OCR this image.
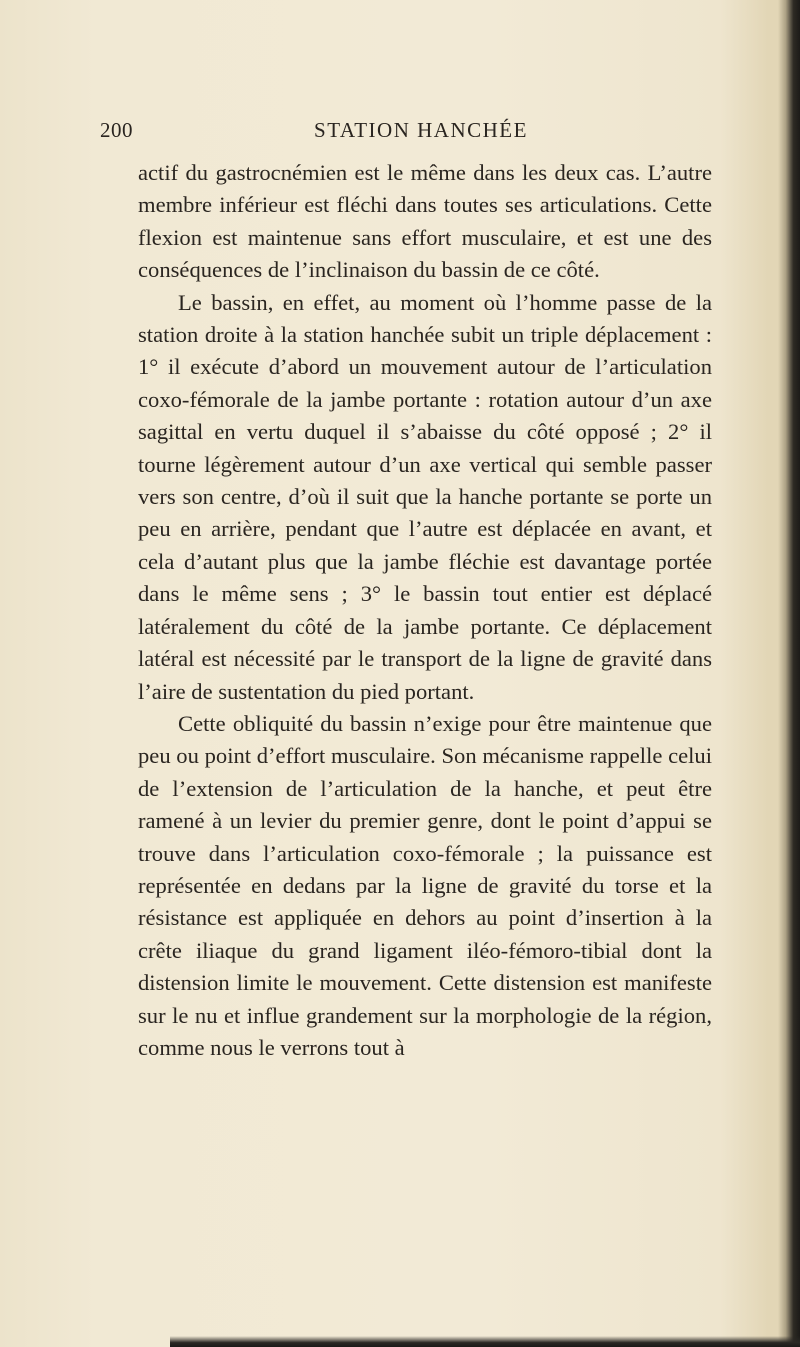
200	STATION HANCHÉE

actif du gastrocnémien est le même dans les deux cas. L’autre membre inférieur est fléchi dans toutes ses articulations. Cette flexion est maintenue sans effort musculaire, et est une des conséquences de l’inclinaison du bassin de ce côté.

Le bassin, en effet, au moment où l’homme passe de la station droite à la station hanchée subit un triple déplacement : 1° il exécute d’abord un mouvement autour de l’articulation coxo-fémorale de la jambe portante : rotation autour d’un axe sagittal en vertu duquel il s’abaisse du côté opposé ; 2° il tourne légèrement autour d’un axe vertical qui semble passer vers son centre, d’où il suit que la hanche portante se porte un peu en arrière, pendant que l’autre est déplacée en avant, et cela d’autant plus que la jambe fléchie est davantage portée dans le même sens ; 3° le bassin tout entier est déplacé latéralement du côté de la jambe portante. Ce déplacement latéral est nécessité par le transport de la ligne de gravité dans l’aire de sustentation du pied portant.

Cette obliquité du bassin n’exige pour être maintenue que peu ou point d’effort musculaire. Son mécanisme rappelle celui de l’extension de l’articulation de la hanche, et peut être ramené à un levier du premier genre, dont le point d’appui se trouve dans l’articulation coxo-fémorale ; la puissance est représentée en dedans par la ligne de gravité du torse et la résistance est appliquée en dehors au point d’insertion à la crête iliaque du grand ligament iléo-fémoro-tibial dont la distension limite le mouvement. Cette distension est manifeste sur le nu et influe grandement sur la morphologie de la région, comme nous le verrons tout à
